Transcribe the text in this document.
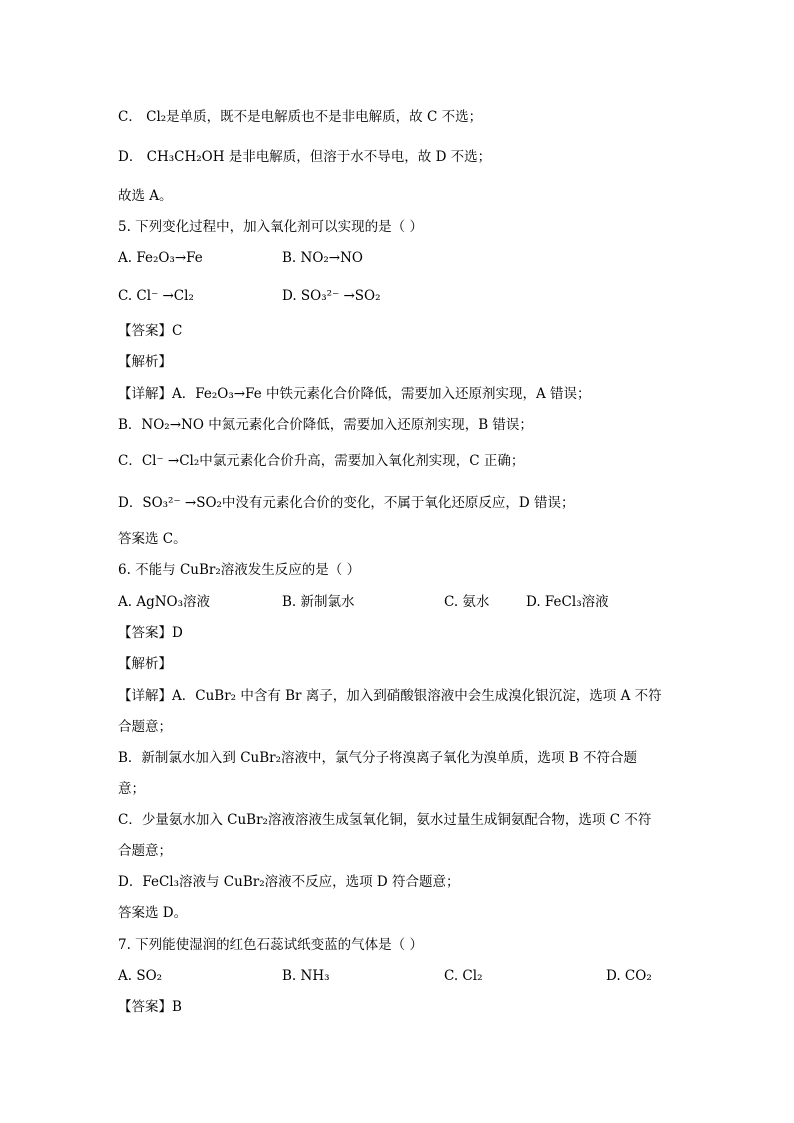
C． Cl₂是单质，既不是电解质也不是非电解质，故 C 不选；
D． CH₃CH₂OH 是非电解质，但溶于水不导电，故 D 不选；
故选 A。
5. 下列变化过程中，加入氧化剂可以实现的是（ ）
A. Fe₂O₃→Fe	B. NO₂→NO
C. Cl⁻ →Cl₂	D. SO₃²⁻ →SO₂
【答案】C
【解析】
【详解】A．Fe₂O₃→Fe 中铁元素化合价降低，需要加入还原剂实现，A 错误；
B．NO₂→NO 中氮元素化合价降低，需要加入还原剂实现，B 错误；
C．Cl⁻ →Cl₂中氯元素化合价升高，需要加入氧化剂实现，C 正确；
D．SO₃²⁻ →SO₂中没有元素化合价的变化，不属于氧化还原反应，D 错误；
答案选 C。
6. 不能与 CuBr₂溶液发生反应的是（ ）
A. AgNO₃溶液	B. 新制氯水	C. 氨水	D. FeCl₃溶液
【答案】D
【解析】
【详解】A．CuBr₂ 中含有 Br 离子，加入到硝酸银溶液中会生成溴化银沉淀，选项 A 不符
合题意；
B．新制氯水加入到 CuBr₂溶液中，氯气分子将溴离子氧化为溴单质，选项 B 不符合题
意；
C．少量氨水加入 CuBr₂溶液溶液生成氢氧化铜，氨水过量生成铜氨配合物，选项 C 不符
合题意；
D．FeCl₃溶液与 CuBr₂溶液不反应，选项 D 符合题意；
答案选 D。
7. 下列能使湿润的红色石蕊试纸变蓝的气体是（ ）
A. SO₂	B. NH₃	C. Cl₂	D. CO₂
【答案】B
